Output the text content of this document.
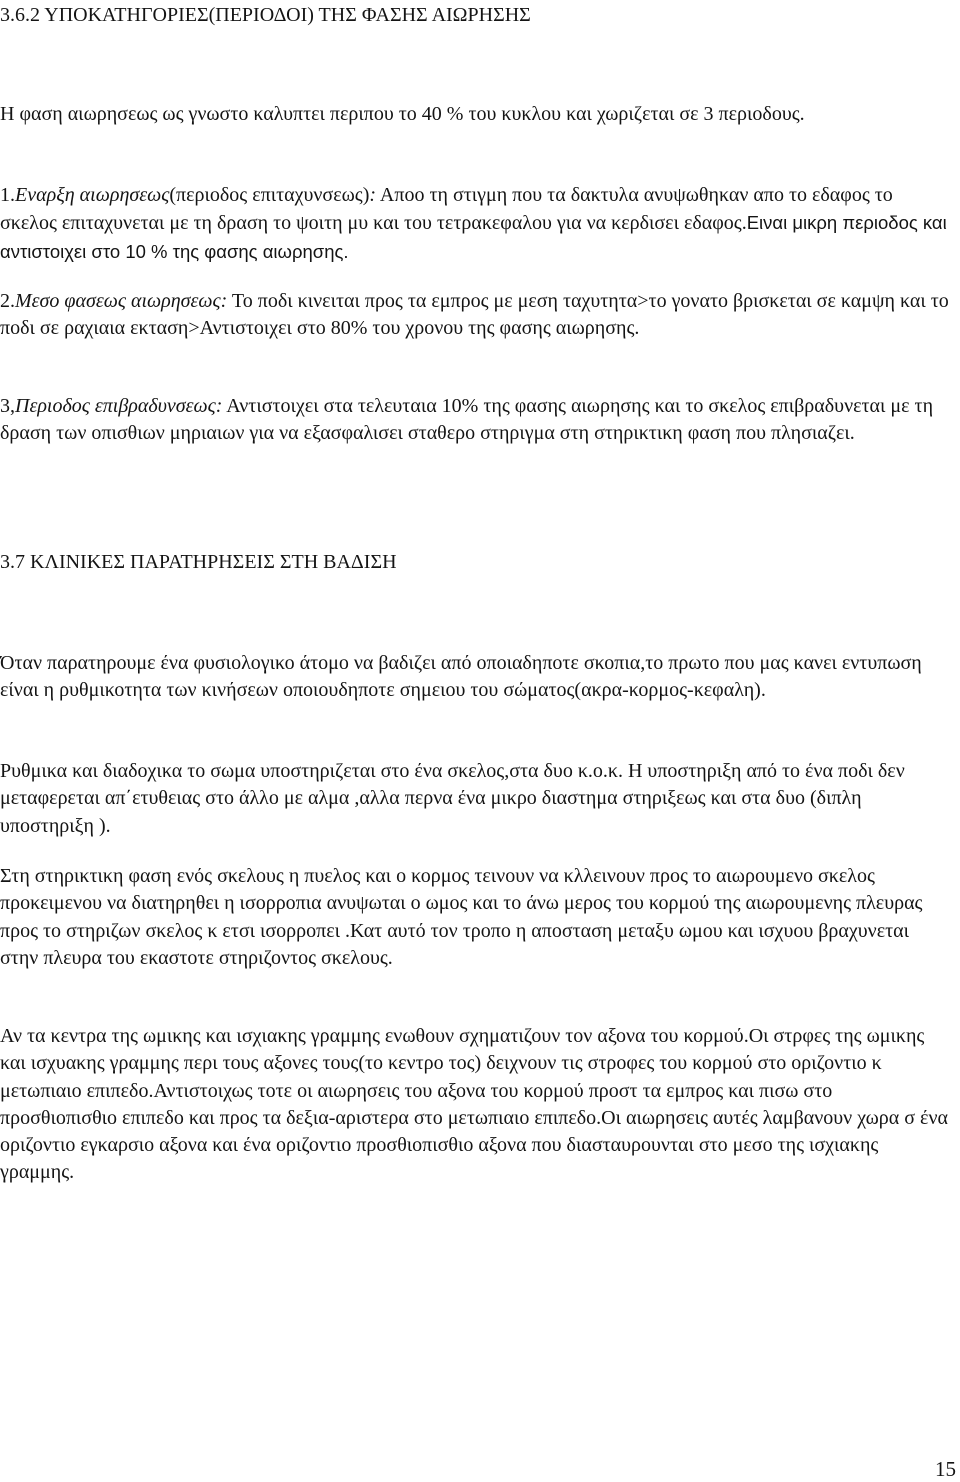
3.6.2 ΥΠΟΚΑΤΗΓΟΡΙΕΣ(ΠΕΡΙΟΔΟΙ) ΤΗΣ ΦΑΣΗΣ ΑΙΩΡΗΣΗΣ
Η φαση αιωρησεως ως γνωστο καλυπτει περιπου το 40 % του κυκλου και χωριζεται σε 3 περιοδους.
1.Εναρξη αιωρησεως(περιοδος επιταχυνσεως): Αποο τη στιγμη που τα δακτυλα ανυψωθηκαν απο το εδαφος το σκελος επιταχυνεται με τη δραση το ψοιτη μυ και του τετρακεφαλου για να κερδισει εδαφος.Ειναι μικρη περιοδος και αντιστοιχει στο 10 % της φασης αιωρησης.
2.Μεσο φασεως αιωρησεως: Το ποδι κινειται προς τα εμπρος με μεση ταχυτητα>το γονατο βρισκεται σε καμψη και το ποδι σε ραχιαια εκταση>Αντιστοιχει στο 80% του χρονου της φασης αιωρησης.
3,Περιοδος επιβραδυνσεως: Αντιστοιχει στα τελευταια 10% της φασης αιωρησης και το σκελος επιβραδυνεται με τη δραση των οπισθιων μηριαιων για να εξασφαλισει σταθερο στηριγμα στη στηρικτικη φαση που πλησιαζει.
3.7 ΚΛΙΝΙΚΕΣ ΠΑΡΑΤΗΡΗΣΕΙΣ ΣΤΗ ΒΑΔΙΣΗ
Όταν παρατηρουμε ένα φυσιολογικο άτομο να βαδιζει από οποιαδηποτε σκοπια,το πρωτο που μας κανει εντυπωση είναι η ρυθμικοτητα των κινήσεων οποιουδηποτε σημειου του σώματος(ακρα-κορμος-κεφαλη).
Ρυθμικα και διαδοχικα το σωμα υποστηριζεται στο ένα σκελος,στα δυο κ.ο.κ. Η υποστηριξη από το ένα ποδι δεν μεταφερεται απ΄ετυθειας στο άλλο με αλμα ,αλλα περνα ένα μικρο διαστημα στηριξεως και στα δυο (διπλη υποστηριξη ).
Στη στηρικτικη φαση ενός σκελους η πυελος και ο κορμος τεινουν να κλλεινουν προς το αιωρουμενο σκελος προκειμενου να διατηρηθει η ισορροπια ανυψωται ο ωμος και το άνω μερος του κορμού της αιωρουμενης πλευρας προς το στηριζων σκελος κ ετσι ισορροπει .Κατ αυτό τον τροπο η αποσταση μεταξυ ωμου και ισχυου βραχυνεται στην πλευρα του εκαστοτε στηριζοντος σκελους.
Αν τα κεντρα της ωμικης και ισχιακης γραμμης ενωθουν σχηματιζουν τον αξονα του κορμού.Οι στρφες της ωμικης και ισχυακης γραμμης περι τους αξονες τους(το κεντρο τος) δειχνουν τις στροφες του κορμού στο οριζοντιο κ μετωπιαιο επιπεδο.Αντιστοιχως τοτε οι αιωρησεις του αξονα του κορμού προστ τα εμπρος και πισω στο προσθιοπισθιο επιπεδο και προς τα δεξια-αριστερα στο μετωπιαιο επιπεδο.Οι αιωρησεις αυτές λαμβανουν χωρα σ ένα οριζοντιο εγκαρσιο αξονα και ένα οριζοντιο προσθιοπισθιο αξονα που διασταυρουνται στο μεσο της ισχιακης γραμμης.
15
